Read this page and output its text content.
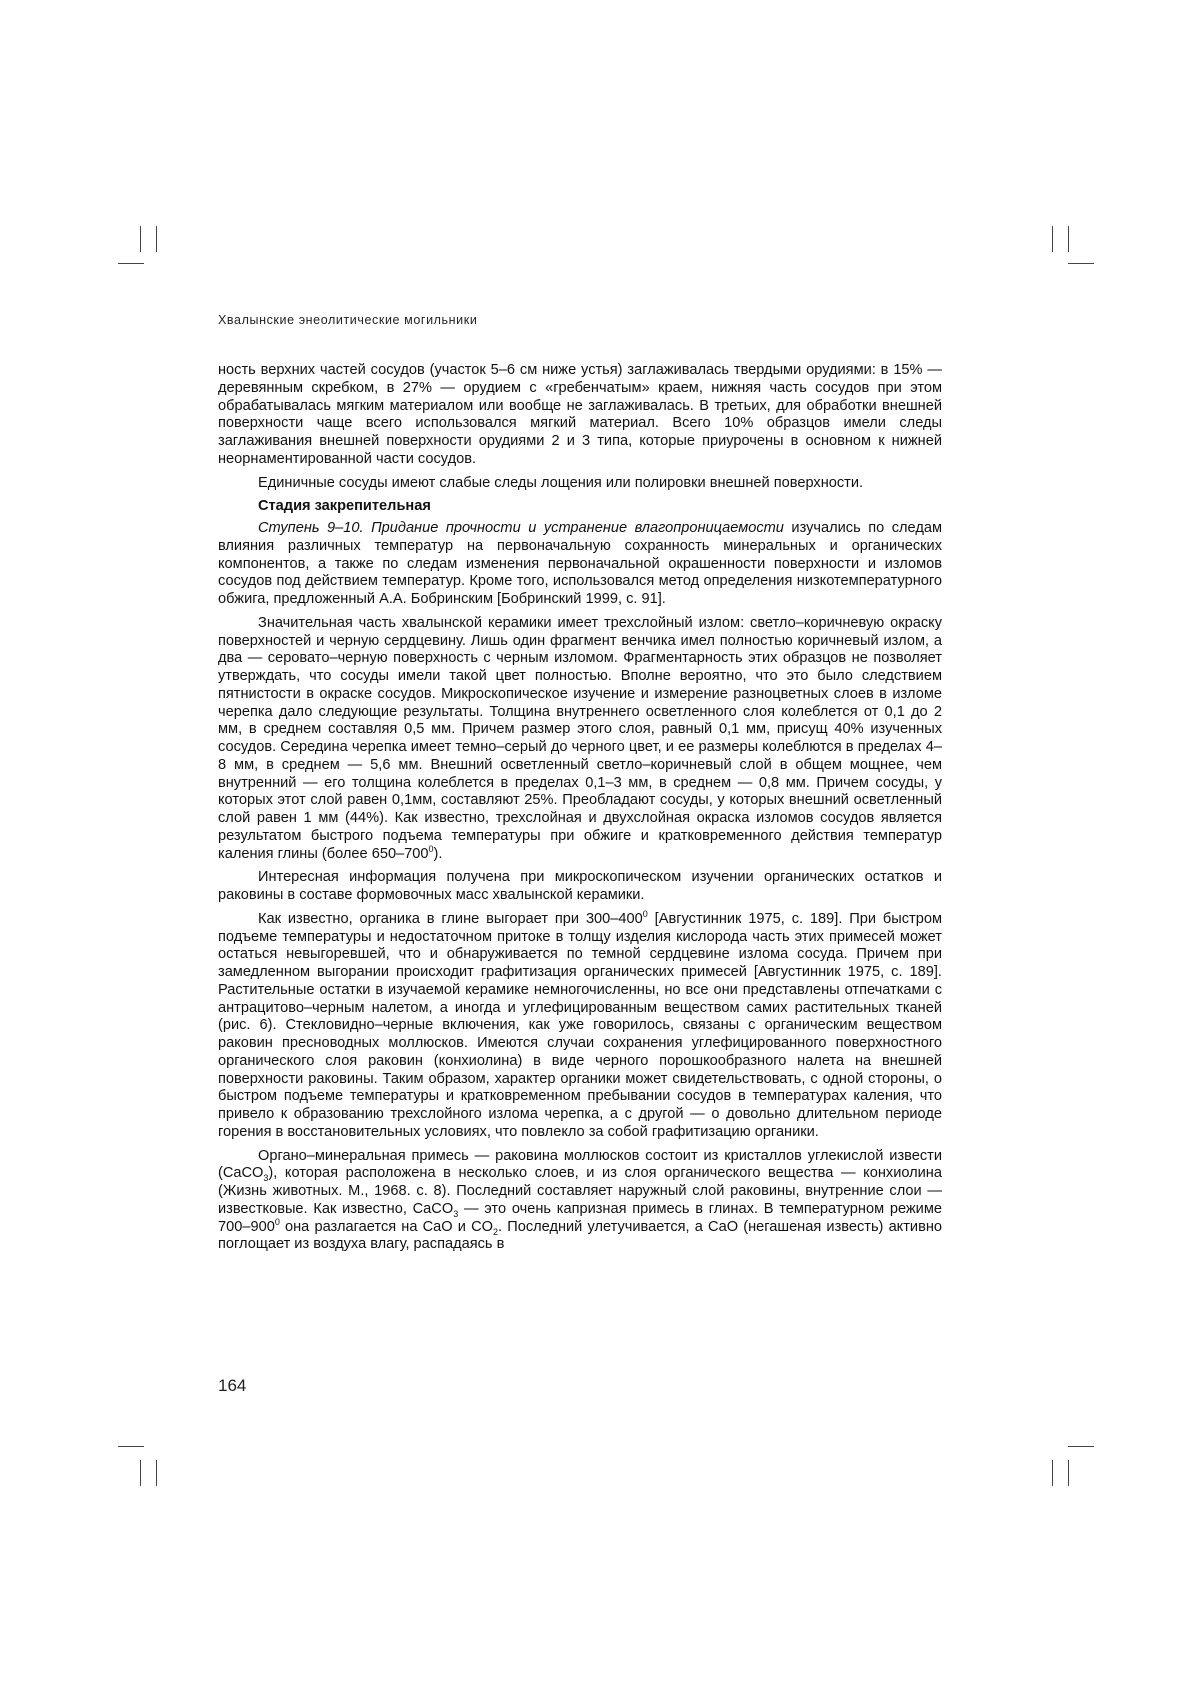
Хвалынские энеолитические могильники

ность верхних частей сосудов (участок 5–6 см ниже устья) заглаживалась твердыми орудиями: в 15% — деревянным скребком, в 27% — орудием с «гребенчатым» краем, нижняя часть сосудов при этом обрабатывалась мягким материалом или вообще не заглаживалась. В третьих, для обработки внешней поверхности чаще всего использовался мягкий материал. Всего 10% образцов имели следы заглаживания внешней поверхности орудиями 2 и 3 типа, которые приурочены в основном к нижней неорнаментированной части сосудов.

Единичные сосуды имеют слабые следы лощения или полировки внешней поверхности.

Стадия закрепительная

Ступень 9–10. Придание прочности и устранение влагопроницаемости изучались по следам влияния различных температур на первоначальную сохранность минеральных и органических компонентов, а также по следам изменения первоначальной окрашенности поверхности и изломов сосудов под действием температур. Кроме того, использовался метод определения низкотемпературного обжига, предложенный А.А. Бобринским [Бобринский 1999, с. 91].

Значительная часть хвалынской керамики имеет трехслойный излом: светло–коричневую окраску поверхностей и черную сердцевину. Лишь один фрагмент венчика имел полностью коричневый излом, а два — серовато–черную поверхность с черным изломом. Фрагментарность этих образцов не позволяет утверждать, что сосуды имели такой цвет полностью. Вполне вероятно, что это было следствием пятнистости в окраске сосудов. Микроскопическое изучение и измерение разноцветных слоев в изломе черепка дало следующие результаты. Толщина внутреннего осветленного слоя колеблется от 0,1 до 2 мм, в среднем составляя 0,5 мм. Причем размер этого слоя, равный 0,1 мм, присущ 40% изученных сосудов. Середина черепка имеет темно–серый до черного цвет, и ее размеры колеблются в пределах 4–8 мм, в среднем — 5,6 мм. Внешний осветленный светло–коричневый слой в общем мощнее, чем внутренний — его толщина колеблется в пределах 0,1–3 мм, в среднем — 0,8 мм. Причем сосуды, у которых этот слой равен 0,1мм, составляют 25%. Преобладают сосуды, у которых внешний осветленный слой равен 1 мм (44%). Как известно, трехслойная и двухслойная окраска изломов сосудов является результатом быстрого подъема температуры при обжиге и кратковременного действия температур каления глины (более $650-700^0$).

Интересная информация получена при микроскопическом изучении органических остатков и раковины в составе формовочных масс хвалынской керамики.

Как известно, органика в глине выгорает при $300-400^0$ [Августинник 1975, с. 189]. При быстром подъеме температуры и недостаточном притоке в толщу изделия кислорода часть этих примесей может остаться невыгоревшей, что и обнаруживается по темной сердцевине излома сосуда. Причем при замедленном выгорании происходит графитизация органических примесей [Августинник 1975, с. 189]. Растительные остатки в изучаемой керамике немногочисленны, но все они представлены отпечатками с антрацитово–черным налетом, а иногда и углефицированным веществом самих растительных тканей (рис. 6). Стекловидно–черные включения, как уже говорилось, связаны с органическим веществом раковин пресноводных моллюсков. Имеются случаи сохранения углефицированного поверхностного органического слоя раковин (конхиолина) в виде черного порошкообразного налета на внешней поверхности раковины. Таким образом, характер органики может свидетельствовать, с одной стороны, о быстром подъеме температуры и кратковременном пребывании сосудов в температурах каления, что привело к образованию трехслойного излома черепка, а с другой — о довольно длительном периоде горения в восстановительных условиях, что повлекло за собой графитизацию органики.

Органо–минеральная примесь — раковина моллюсков состоит из кристаллов углекислой извести (CaCO$_3$), которая расположена в несколько слоев, и из слоя органического вещества — конхиолина (Жизнь животных. М., 1968. с. 8). Последний составляет наружный слой раковины, внутренние слои — известковые. Как известно, CaCO$_3$ — это очень капризная примесь в глинах. В температурном режиме $700-900^0$ она разлагается на CaO и $CO_2$. Последний улетучивается, а CaO (негашеная известь) активно поглощает из воздуха влагу, распадаясь в

164
